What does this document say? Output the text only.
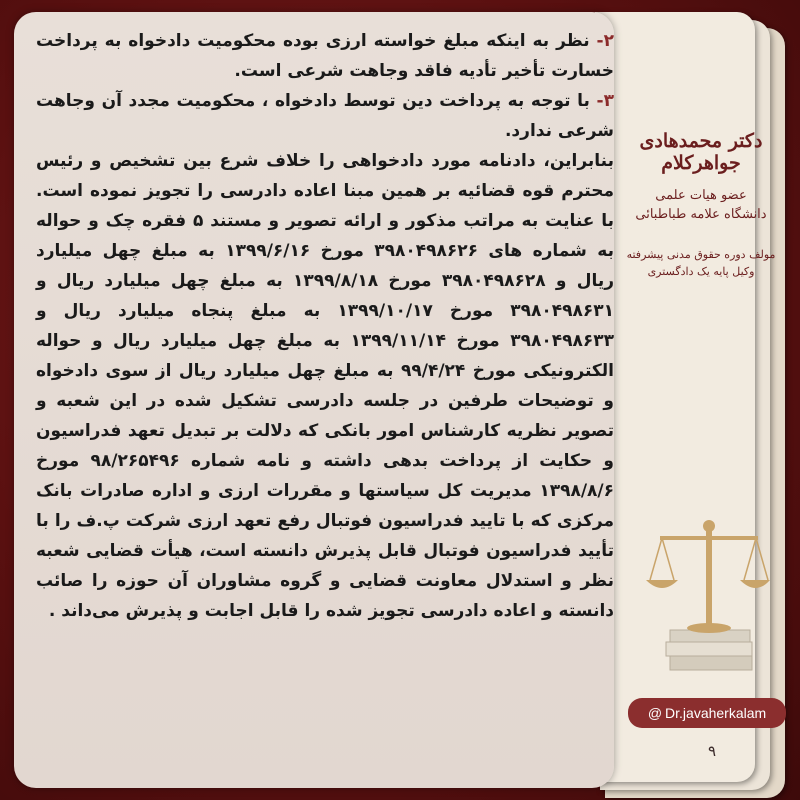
۲- نظر به اینکه مبلغ خواسته ارزی بوده محکومیت دادخواه به پرداخت خسارت تأخیر تأدیه فاقد وجاهت شرعی است.

۳- با توجه به پرداخت دین توسط دادخواه ، محکومیت مجدد آن وجاهت شرعی ندارد.

بنابراین، دادنامه مورد دادخواهی را خلاف شرع بین تشخیص و رئیس محترم قوه قضائیه بر همین مبنا اعاده دادرسی را تجویز نموده است. با عنایت به مراتب مذکور و ارائه تصویر و مستند ۵ فقره چک و حواله به شماره های ۳۹۸۰۴۹۸۶۲۶ مورخ ۱۳۹۹/۶/۱۶ به مبلغ چهل میلیارد ریال و ۳۹۸۰۴۹۸۶۲۸ مورخ ۱۳۹۹/۸/۱۸ به مبلغ چهل میلیارد ریال و ۳۹۸۰۴۹۸۶۳۱ مورخ ۱۳۹۹/۱۰/۱۷ به مبلغ پنجاه میلیارد ریال و ۳۹۸۰۴۹۸۶۳۳ مورخ ۱۳۹۹/۱۱/۱۴ به مبلغ چهل میلیارد ریال و حواله الکترونیکی مورخ ۹۹/۴/۲۴ به مبلغ چهل میلیارد ریال از سوی دادخواه و توضیحات طرفین در جلسه دادرسی تشکیل شده در این شعبه و تصویر نظریه کارشناس امور بانکی که دلالت بر تبدیل تعهد فدراسیون و حکایت از پرداخت بدهی داشته و نامه شماره ۹۸/۲۶۵۴۹۶ مورخ ۱۳۹۸/۸/۶ مدیریت کل سیاستها و مقررات ارزی و اداره صادرات بانک مرکزی که با تایید فدراسیون فوتبال رفع تعهد ارزی شرکت پ.ف را با تأیید فدراسیون فوتبال قابل پذیرش دانسته است، هیأت قضایی شعبه نظر و استدلال معاونت قضایی و گروه مشاوران آن حوزه را صائب دانسته و اعاده دادرسی تجویز شده را قابل اجابت و پذیرش می‌داند .

دکتر محمدهادی جواهرکلام
عضو هیات علمی
دانشگاه علامه طباطبائی
مولف دوره حقوق مدنی پیشرفته
وکیل پایه یک دادگستری
@ Dr.javaherkalam
۹
